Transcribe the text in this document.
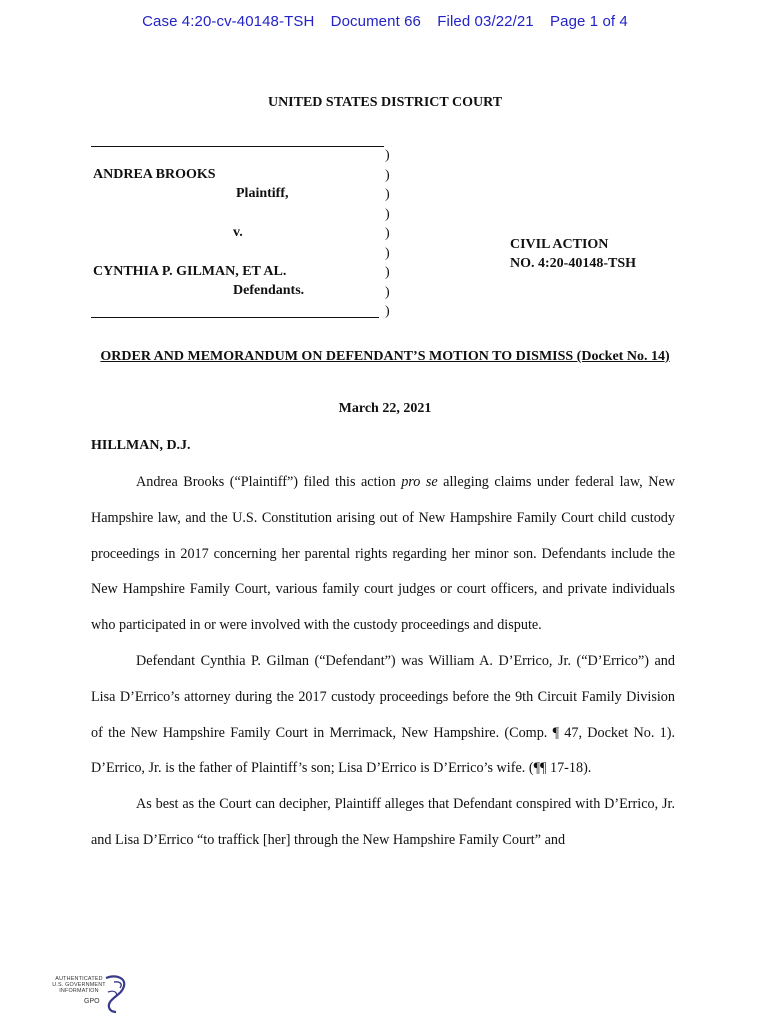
Case 4:20-cv-40148-TSH Document 66 Filed 03/22/21 Page 1 of 4
UNITED STATES DISTRICT COURT
ANDREA BROOKS
Plaintiff,
v.
CYNTHIA P. GILMAN, ET AL.
Defendants.
)
)
)
)
)
)
)
)
)
CIVIL ACTION
NO. 4:20-40148-TSH
ORDER AND MEMORANDUM ON DEFENDANT’S MOTION TO DISMISS (Docket No. 14)
March 22, 2021
HILLMAN, D.J.

Andrea Brooks (“Plaintiff”) filed this action pro se alleging claims under federal law, New Hampshire law, and the U.S. Constitution arising out of New Hampshire Family Court child custody proceedings in 2017 concerning her parental rights regarding her minor son. Defendants include the New Hampshire Family Court, various family court judges or court officers, and private individuals who participated in or were involved with the custody proceedings and dispute.

Defendant Cynthia P. Gilman (“Defendant”) was William A. D’Errico, Jr. (“D’Errico”) and Lisa D’Errico’s attorney during the 2017 custody proceedings before the 9th Circuit Family Division of the New Hampshire Family Court in Merrimack, New Hampshire. (Comp. ¶ 47, Docket No. 1). D’Errico, Jr. is the father of Plaintiff’s son; Lisa D’Errico is D’Errico’s wife. (¶¶ 17-18).

As best as the Court can decipher, Plaintiff alleges that Defendant conspired with D’Errico, Jr. and Lisa D’Errico “to traffick [her] through the New Hampshire Family Court” and

AUTHENTICATED
U.S. GOVERNMENT
INFORMATION
GPO
